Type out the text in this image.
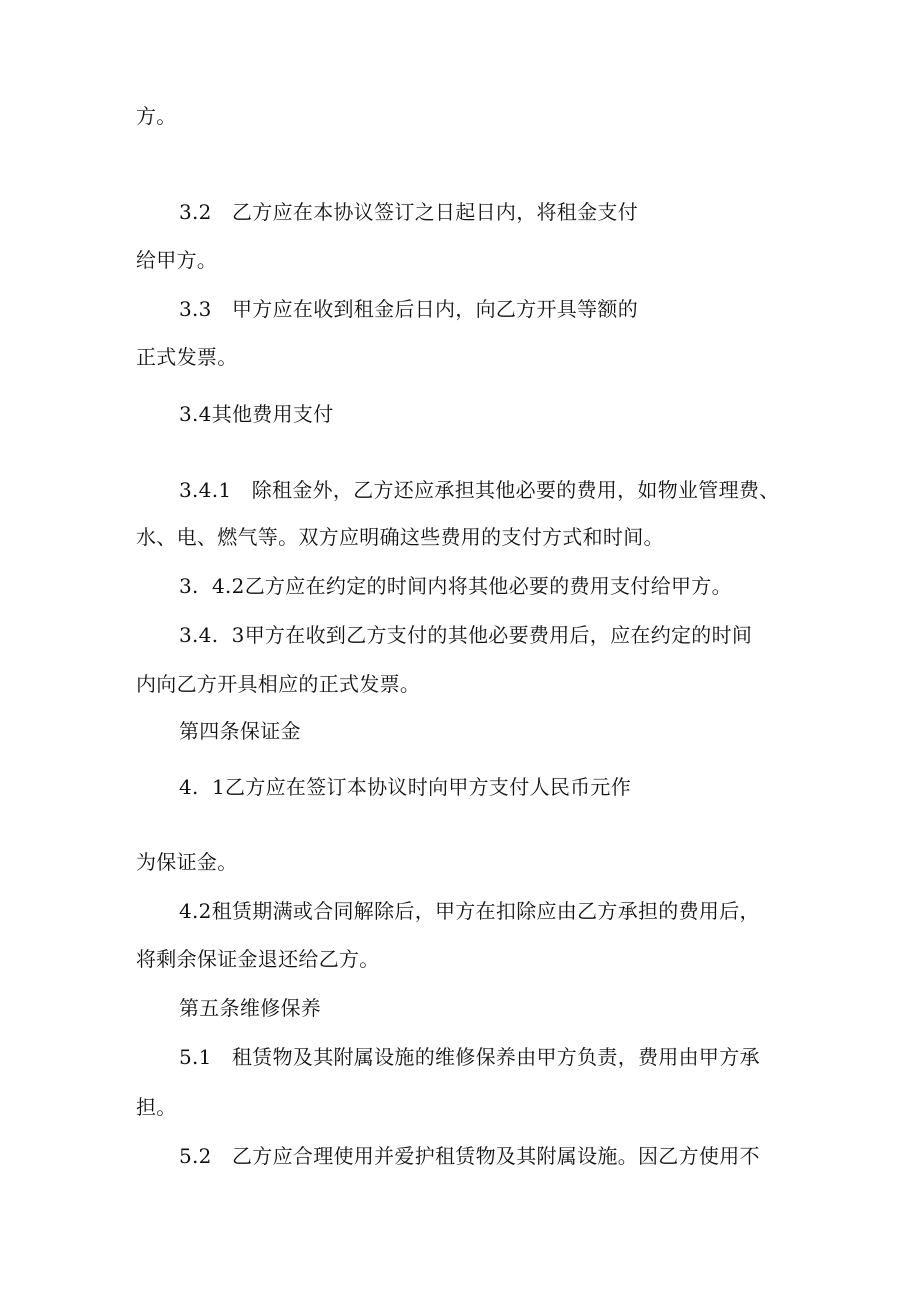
方。
3.2　乙方应在本协议签订之日起日内，将租金支付
给甲方。
3.3　甲方应在收到租金后日内，向乙方开具等额的
正式发票。
3.4其他费用支付
3.4.1　除租金外，乙方还应承担其他必要的费用，如物业管理费、
水、电、燃气等。双方应明确这些费用的支付方式和时间。
3.  4.2乙方应在约定的时间内将其他必要的费用支付给甲方。
3.4.  3甲方在收到乙方支付的其他必要费用后，应在约定的时间
内向乙方开具相应的正式发票。
第四条保证金
4.  1乙方应在签订本协议时向甲方支付人民币元作
为保证金。
4.2租赁期满或合同解除后，甲方在扣除应由乙方承担的费用后，
将剩余保证金退还给乙方。
第五条维修保养
5.1　租赁物及其附属设施的维修保养由甲方负责，费用由甲方承
担。
5.2　乙方应合理使用并爱护租赁物及其附属设施。因乙方使用不
